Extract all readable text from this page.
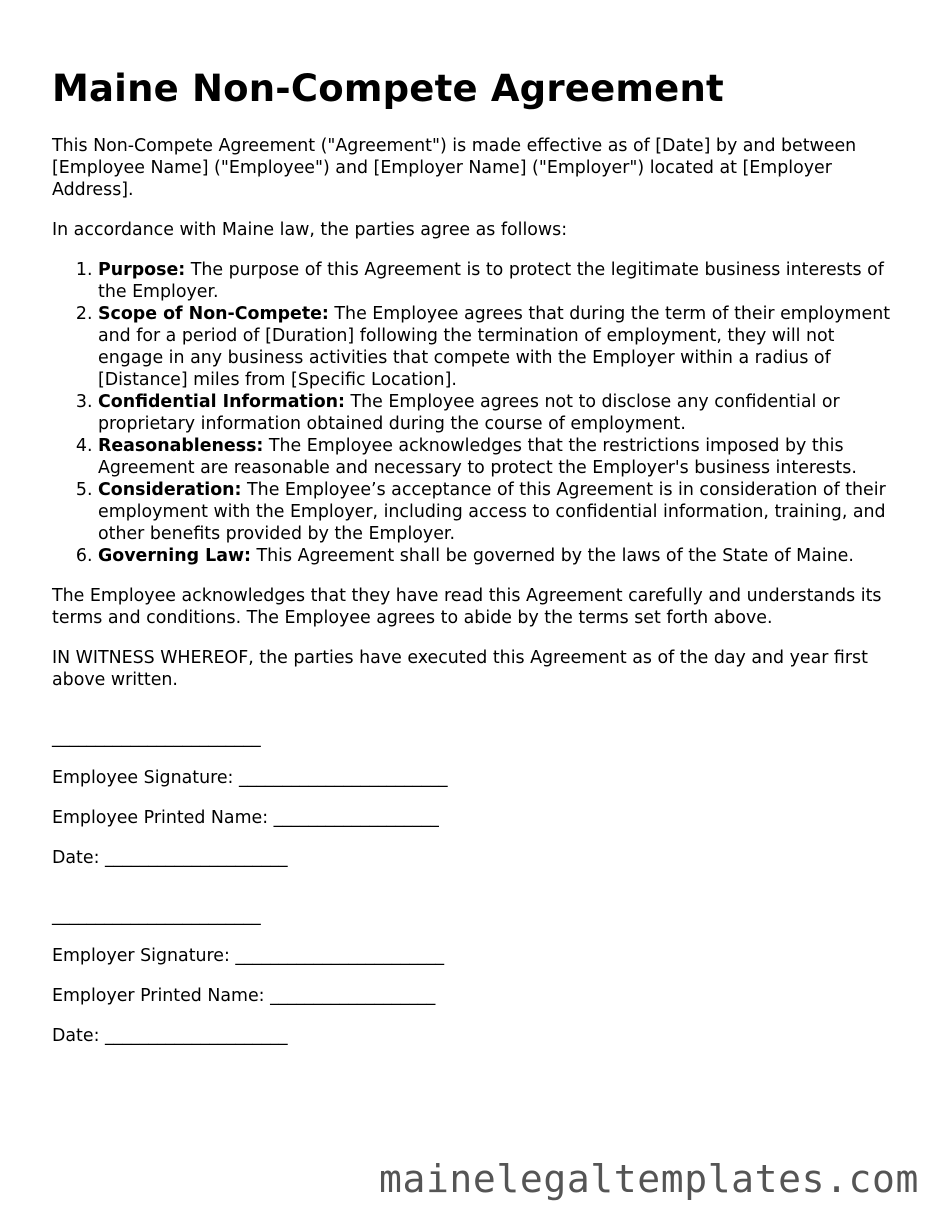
Maine Non-Compete Agreement

This Non-Compete Agreement ("Agreement") is made effective as of [Date] by and between [Employee Name] ("Employee") and [Employer Name] ("Employer") located at [Employer Address].

In accordance with Maine law, the parties agree as follows:

1. Purpose: The purpose of this Agreement is to protect the legitimate business interests of the Employer.
2. Scope of Non-Compete: The Employee agrees that during the term of their employment and for a period of [Duration] following the termination of employment, they will not engage in any business activities that compete with the Employer within a radius of [Distance] miles from [Specific Location].
3. Confidential Information: The Employee agrees not to disclose any confidential or proprietary information obtained during the course of employment.
4. Reasonableness: The Employee acknowledges that the restrictions imposed by this Agreement are reasonable and necessary to protect the Employer's business interests.
5. Consideration: The Employee’s acceptance of this Agreement is in consideration of their employment with the Employer, including access to confidential information, training, and other benefits provided by the Employer.
6. Governing Law: This Agreement shall be governed by the laws of the State of Maine.

The Employee acknowledges that they have read this Agreement carefully and understands its terms and conditions. The Employee agrees to abide by the terms set forth above.

IN WITNESS WHEREOF, the parties have executed this Agreement as of the day and year first above written.

________________________
Employee Signature: ________________________
Employee Printed Name: ___________________
Date: _____________________
________________________
Employer Signature: ________________________
Employer Printed Name: ___________________
Date: _____________________
mainelegaltemplates.com
